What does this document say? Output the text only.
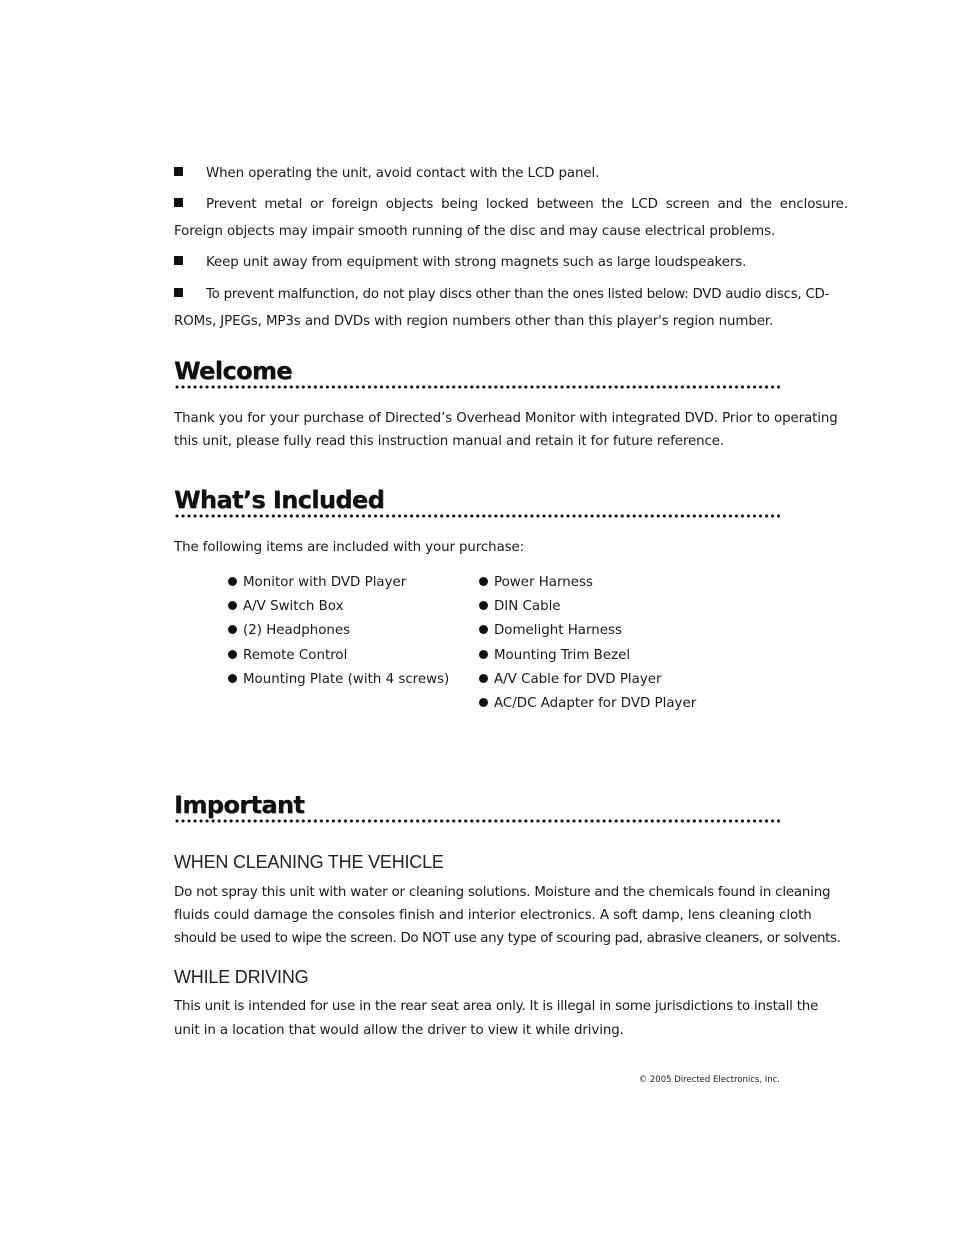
When operating the unit, avoid contact with the LCD panel.
Prevent metal or foreign objects being locked between the LCD screen and the enclosure.
Foreign objects may impair smooth running of the disc and may cause electrical problems.
Keep unit away from equipment with strong magnets such as large loudspeakers.
To prevent malfunction, do not play discs other than the ones listed below: DVD audio discs, CD-
ROMs, JPEGs, MP3s and DVDs with region numbers other than this player's region number.
Welcome
Thank you for your purchase of Directed’s Overhead Monitor with integrated DVD. Prior to operating
this unit, please fully read this instruction manual and retain it for future reference.
What’s Included
The following items are included with your purchase:
Monitor with DVD Player
A/V Switch Box
(2) Headphones
Remote Control
Mounting Plate (with 4 screws)
Power Harness
DIN Cable
Domelight Harness
Mounting Trim Bezel
A/V Cable for DVD Player
AC/DC Adapter for DVD Player
Important
WHEN CLEANING THE VEHICLE
Do not spray this unit with water or cleaning solutions. Moisture and the chemicals found in cleaning
fluids could damage the consoles finish and interior electronics. A soft damp, lens cleaning cloth
should be used to wipe the screen. Do NOT use any type of scouring pad, abrasive cleaners, or solvents.
WHILE DRIVING
This unit is intended for use in the rear seat area only. It is illegal in some jurisdictions to install the
unit in a location that would allow the driver to view it while driving.
© 2005 Directed Electronics, Inc.
